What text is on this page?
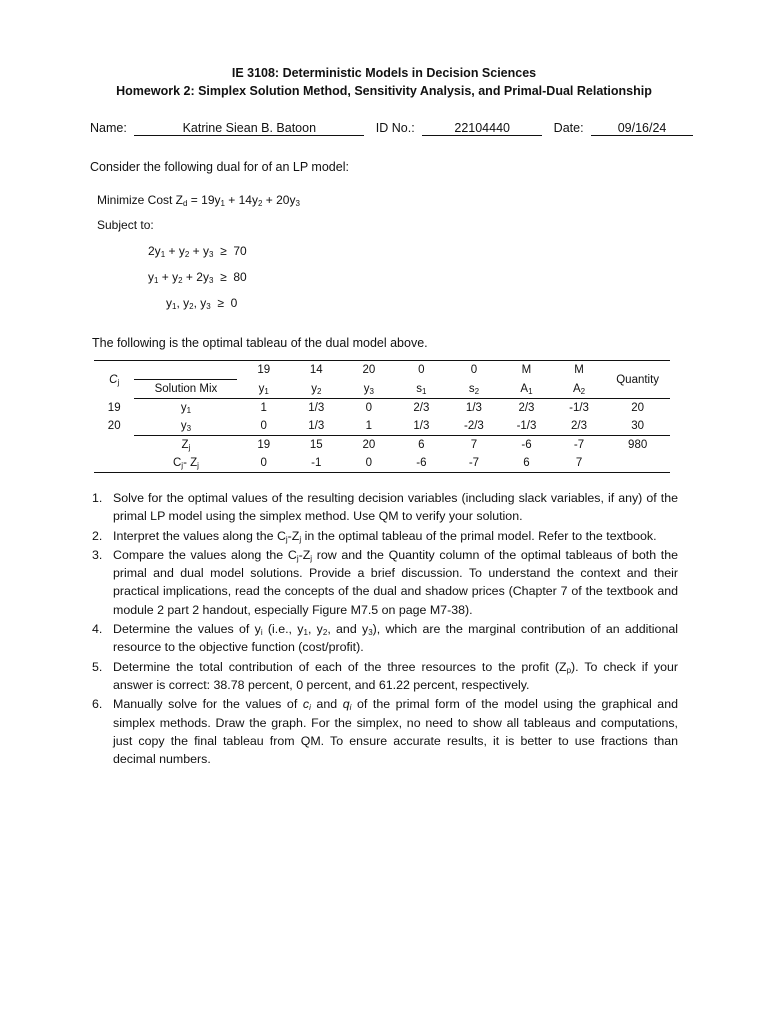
IE 3108: Deterministic Models in Decision Sciences
Homework 2: Simplex Solution Method, Sensitivity Analysis, and Primal-Dual Relationship
Name:	Katrine Siean B. Batoon	ID No.:	22104440	Date:	09/16/24
Consider the following dual for of an LP model:
Minimize Cost $Z_d = 19y_1 + 14y_2 + 20y_3$
Subject to:
$2y_1 + y_2 + y_3 \ge 70$
$y_1 + y_2 + 2y_3 \ge 80$
$y_1$, $y_2$, $y_3 \ge 0$
The following is the optimal tableau of the dual model above.
$C_j$		19	14	20	0	0	M	M	Quantity
	Solution Mix	$y_1$	$y_2$	$y_3$	$s_1$	$s_2$	$A_1$	$A_2$
19	$y_1$	1	1/3	0	2/3	1/3	2/3	-1/3	20
20	$y_3$	0	1/3	1	1/3	-2/3	-1/3	2/3	30
	$Z_j$	19	15	20	6	7	-6	-7	980
	$C_j-$ $Z_j$	0	-1	0	-6	-7	6	7	
1. Solve for the optimal values of the resulting decision variables (including slack variables, if any) of the primal LP model using the simplex method. Use QM to verify your solution.
2. Interpret the values along the $C_j-Z_j$ in the optimal tableau of the primal model. Refer to the textbook.
3. Compare the values along the $C_j-Z_j$ row and the Quantity column of the optimal tableaus of both the primal and dual model solutions. Provide a brief discussion. To understand the context and their practical implications, read the concepts of the dual and shadow prices (Chapter 7 of the textbook and module 2 part 2 handout, especially Figure M7.5 on page M7-38).
4. Determine the values of $y_i$ (i.e., $y_1$, $y_2$, and $y_3$), which are the marginal contribution of an additional resource to the objective function (cost/profit).
5. Determine the total contribution of each of the three resources to the profit $(Z_p)$. To check if your answer is correct: 38.78 percent, 0 percent, and 61.22 percent, respectively.
6. Manually solve for the values of $c_i$ and $q_i$ of the primal form of the model using the graphical and simplex methods. Draw the graph. For the simplex, no need to show all tableaus and computations, just copy the final tableau from QM. To ensure accurate results, it is better to use fractions than decimal numbers.
